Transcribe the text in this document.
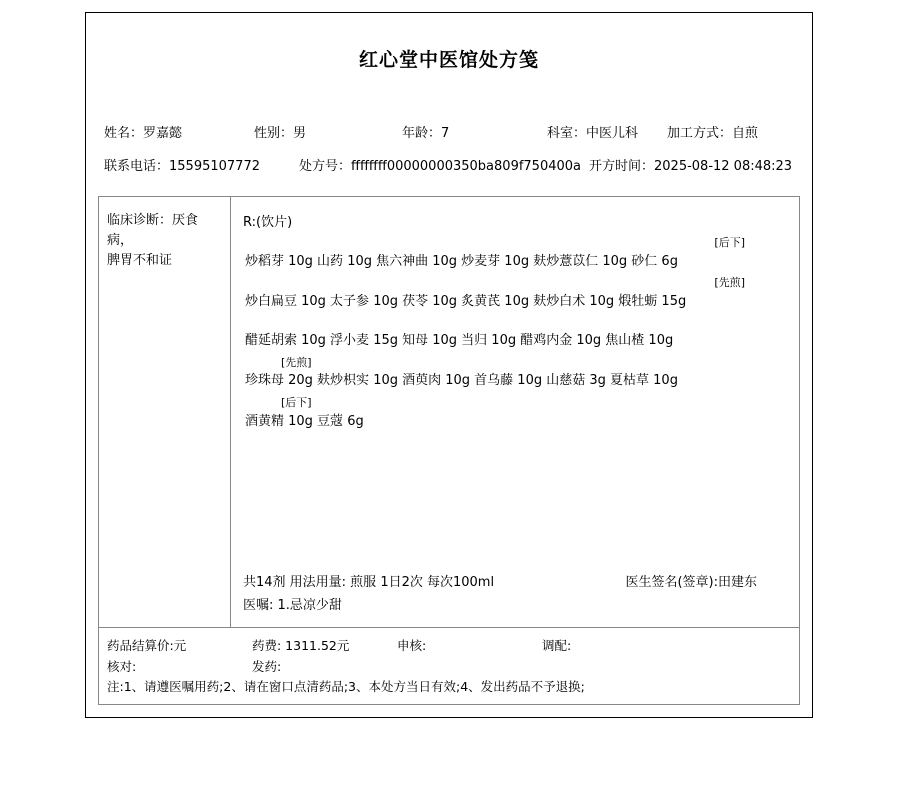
红心堂中医馆处方笺
姓名：罗嘉懿	性别：男	年龄：7	科室：中医儿科	加工方式：自煎
联系电话：15595107772	处方号：ffffffff00000000350ba809f750400a 开方时间：2025-08-12 08:48:23
临床诊断：厌食病，
脾胃不和证
R:(饮片)
[后下]
炒稻芽 10g 山药 10g 焦六神曲 10g 炒麦芽 10g 麸炒薏苡仁 10g 砂仁 6g
[先煎]
炒白扁豆 10g 太子参 10g 茯苓 10g 炙黄芪 10g 麸炒白术 10g 煅牡蛎 15g
醋延胡索 10g 浮小麦 15g 知母 10g 当归 10g 醋鸡内金 10g 焦山楂 10g
[先煎]
珍珠母 20g 麸炒枳实 10g 酒萸肉 10g 首乌藤 10g 山慈菇 3g 夏枯草 10g
[后下]
酒黄精 10g 豆蔻 6g
共14剂 用法用量: 煎服 1日2次 每次100ml	医生签名(签章):田建东
医嘱: 1.忌凉少甜
药品结算价:元	药费: 1311.52元	申核:	调配:
核对:	发药:
注:1、请遵医嘱用药;2、请在窗口点清药品;3、本处方当日有效;4、发出药品不予退换;
